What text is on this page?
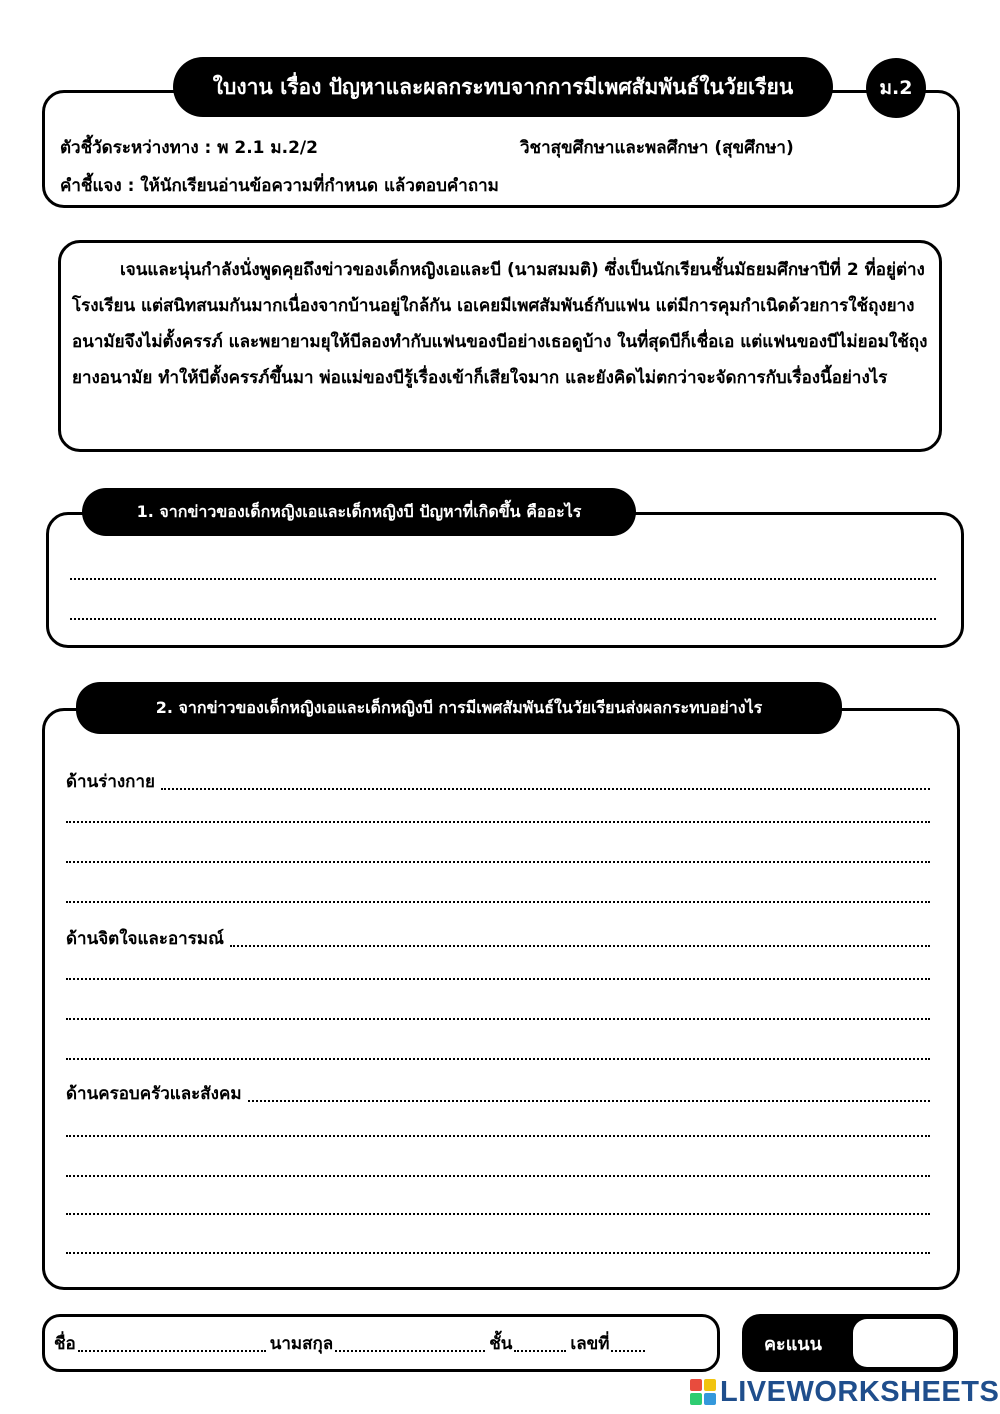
ใบงาน เรื่อง ปัญหาและผลกระทบจากการมีเพศสัมพันธ์ในวัยเรียน	ม.2
ตัวชี้วัดระหว่างทาง : พ 2.1 ม.2/2	วิชาสุขศึกษาและพลศึกษา (สุขศึกษา)
คำชี้แจง : ให้นักเรียนอ่านข้อความที่กำหนด แล้วตอบคำถาม
เจนและนุ่นกำลังนั่งพูดคุยถึงข่าวของเด็กหญิงเอและบี (นามสมมติ) ซึ่งเป็นนักเรียนชั้นมัธยมศึกษาปีที่ 2 ที่อยู่ต่างโรงเรียน แต่สนิทสนมกันมากเนื่องจากบ้านอยู่ใกล้กัน เอเคยมีเพศสัมพันธ์กับแฟน แต่มีการคุมกำเนิดด้วยการใช้ถุงยางอนามัยจึงไม่ตั้งครรภ์ และพยายามยุให้บีลองทำกับแฟนของบีอย่างเธอดูบ้าง ในที่สุดบีก็เชื่อเอ แต่แฟนของบีไม่ยอมใช้ถุงยางอนามัย ทำให้บีตั้งครรภ์ขึ้นมา พ่อแม่ของบีรู้เรื่องเข้าก็เสียใจมาก และยังคิดไม่ตกว่าจะจัดการกับเรื่องนี้อย่างไร
1. จากข่าวของเด็กหญิงเอและเด็กหญิงบี ปัญหาที่เกิดขึ้น คืออะไร
2. จากข่าวของเด็กหญิงเอและเด็กหญิงบี การมีเพศสัมพันธ์ในวัยเรียนส่งผลกระทบอย่างไร
ด้านร่างกาย
ด้านจิตใจและอารมณ์
ด้านครอบครัวและสังคม
ชื่อ	นามสกุล	ชั้น	เลขที่	คะแนน
LIVEWORKSHEETS
